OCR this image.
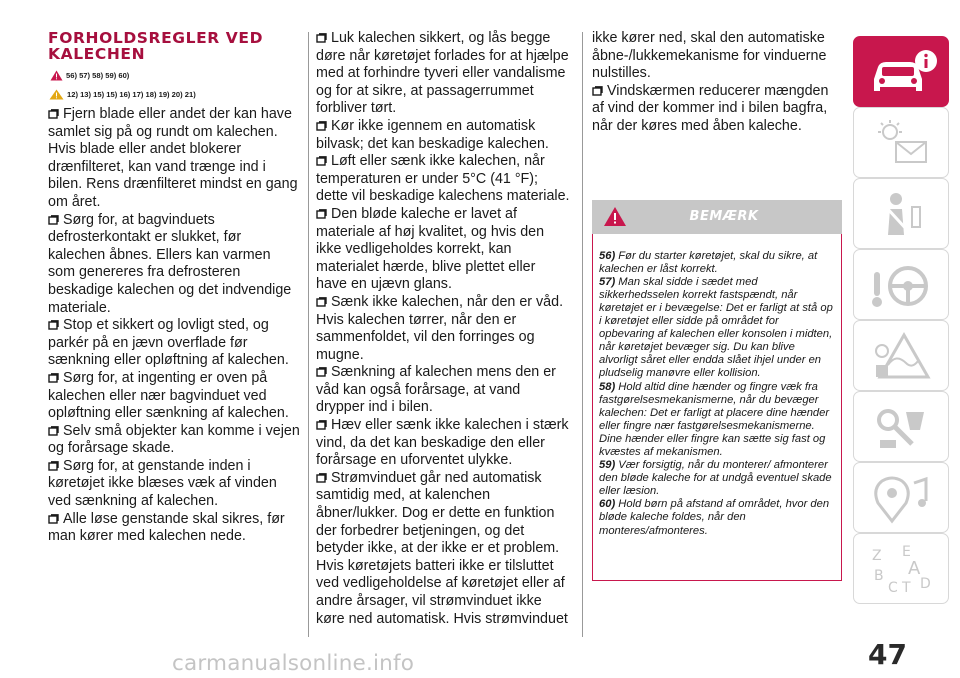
FORHOLDSREGLER VED KALECHEN
56) 57) 58) 59) 60)
12) 13) 15) 15) 16) 17) 18) 19) 20) 21)
Fjern blade eller andet der kan have samlet sig på og rundt om kalechen. Hvis blade eller andet blokerer drænfilteret, kan vand trænge ind i bilen. Rens drænfilteret mindst en gang om året.
Sørg for, at bagvinduets defrosterkontakt er slukket, før kalechen åbnes. Ellers kan varmen som genereres fra defrosteren beskadige kalechen og det indvendige materiale.
Stop et sikkert og lovligt sted, og parkér på en jævn overflade før sænkning eller opløftning af kalechen.
Sørg for, at ingenting er oven på kalechen eller nær bagvinduet ved opløftning eller sænkning af kalechen.
Selv små objekter kan komme i vejen og forårsage skade.
Sørg for, at genstande inden i køretøjet ikke blæses væk af vinden ved sænkning af kalechen.
Alle løse genstande skal sikres, før man kører med kalechen nede.
Luk kalechen sikkert, og lås begge døre når køretøjet forlades for at hjælpe med at forhindre tyveri eller vandalisme og for at sikre, at passagerrummet forbliver tørt.
Kør ikke igennem en automatisk bilvask; det kan beskadige kalechen.
Løft eller sænk ikke kalechen, når temperaturen er under 5°C (41 °F); dette vil beskadige kalechens materiale.
Den bløde kaleche er lavet af materiale af høj kvalitet, og hvis den ikke vedligeholdes korrekt, kan materialet hærde, blive plettet eller have en ujævn glans.
Sænk ikke kalechen, når den er våd. Hvis kalechen tørrer, når den er sammenfoldet, vil den forringes og mugne.
Sænkning af kalechen mens den er våd kan også forårsage, at vand drypper ind i bilen.
Hæv eller sænk ikke kalechen i stærk vind, da det kan beskadige den eller forårsage en uforventet ulykke.
Strømvinduet går ned automatisk samtidig med, at kalenchen åbner/lukker. Dog er dette en funktion der forbedrer betjeningen, og det betyder ikke, at der ikke er et problem. Hvis køretøjets batteri ikke er tilsluttet ved vedligeholdelse af køretøjet eller af andre årsager, vil strømvinduet ikke køre ned automatisk. Hvis strømvinduet
ikke kører ned, skal den automatiske åbne-/lukkemekanisme for vinduerne nulstilles.
Vindskærmen reducerer mængden af vind der kommer ind i bilen bagfra, når der køres med åben kaleche.
BEMÆRK
56) Før du starter køretøjet, skal du sikre, at kalechen er låst korrekt.
57) Man skal sidde i sædet med sikkerhedsselen korrekt fastspændt, når køretøjet er i bevægelse: Det er farligt at stå op i køretøjet eller sidde på området for opbevaring af kalechen eller konsolen i midten, når køretøjet bevæger sig. Du kan blive alvorligt såret eller endda slået ihjel under en pludselig manøvre eller kollision.
58) Hold altid dine hænder og fingre væk fra fastgørelsesmekanismerne, når du bevæger kalechen: Det er farligt at placere dine hænder eller fingre nær fastgørelsesmekanismerne. Dine hænder eller fingre kan sætte sig fast og kvæstes af mekanismen.
59) Vær forsigtig, når du monterer/ afmonterer den bløde kaleche for at undgå eventuel skade eller læsion.
60) Hold børn på afstand af området, hvor den bløde kaleche foldes, når den monteres/afmonteres.
Z E
A
B
C T D
47
carmanualsonline.info
